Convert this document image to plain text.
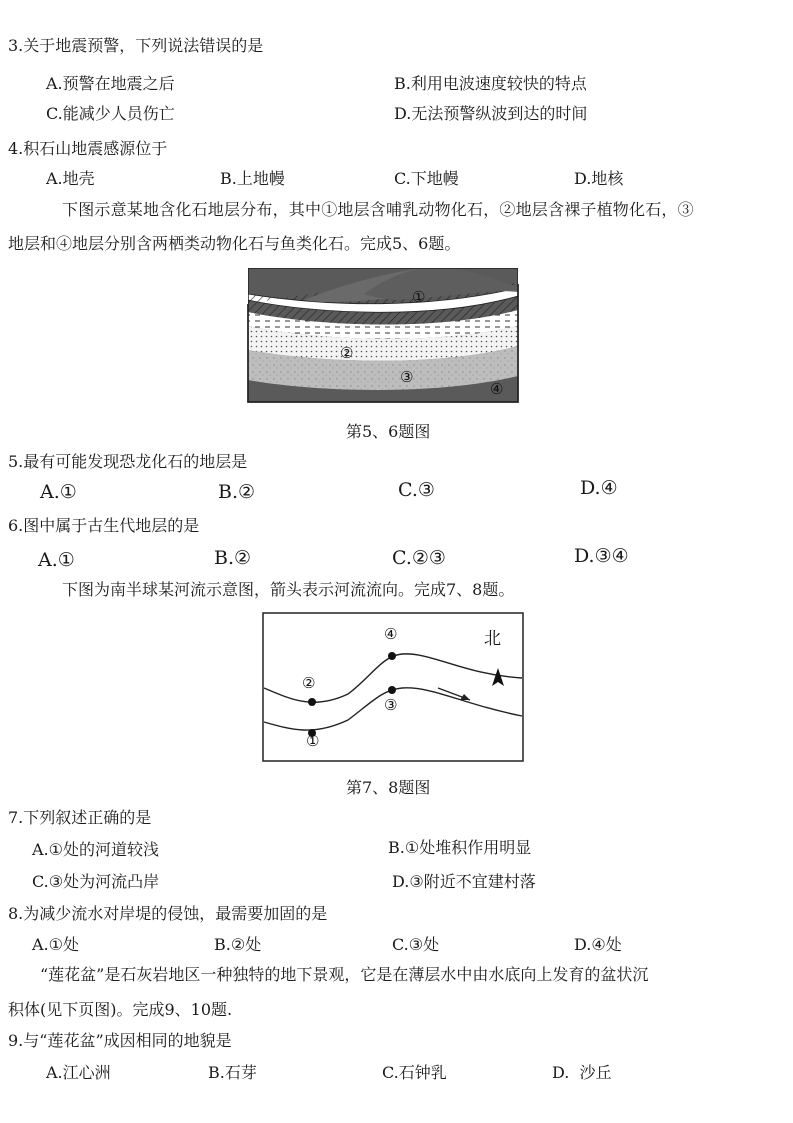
3.关于地震预警，下列说法错误的是
A.预警在地震之后	B.利用电波速度较快的特点
C.能减少人员伤亡	D.无法预警纵波到达的时间
4.积石山地震感源位于
A.地壳	B.上地幔	C.下地幔	D.地核
下图示意某地含化石地层分布，其中①地层含哺乳动物化石，②地层含裸子植物化石，③
地层和④地层分别含两栖类动物化石与鱼类化石。完成5、6题。
①
②
③
④
第5、6题图
5.最有可能发现恐龙化石的地层是
A.①	B.②	C.③	D.④
6.图中属于古生代地层的是
A.①	B.②	C.②③	D.③④
下图为南半球某河流示意图，箭头表示河流流向。完成7、8题。
北
①
②
③
④
第7、8题图
7.下列叙述正确的是
A.①处的河道较浅	B.①处堆积作用明显
C.③处为河流凸岸	D.③附近不宜建村落
8.为减少流水对岸堤的侵蚀，最需要加固的是
A.①处	B.②处	C.③处	D.④处
“莲花盆”是石灰岩地区一种独特的地下景观，它是在薄层水中由水底向上发育的盆状沉
积体(见下页图)。完成9、10题.
9.与“莲花盆”成因相同的地貌是
A.江心洲	B.石芽	C.石钟乳	D.  沙丘
